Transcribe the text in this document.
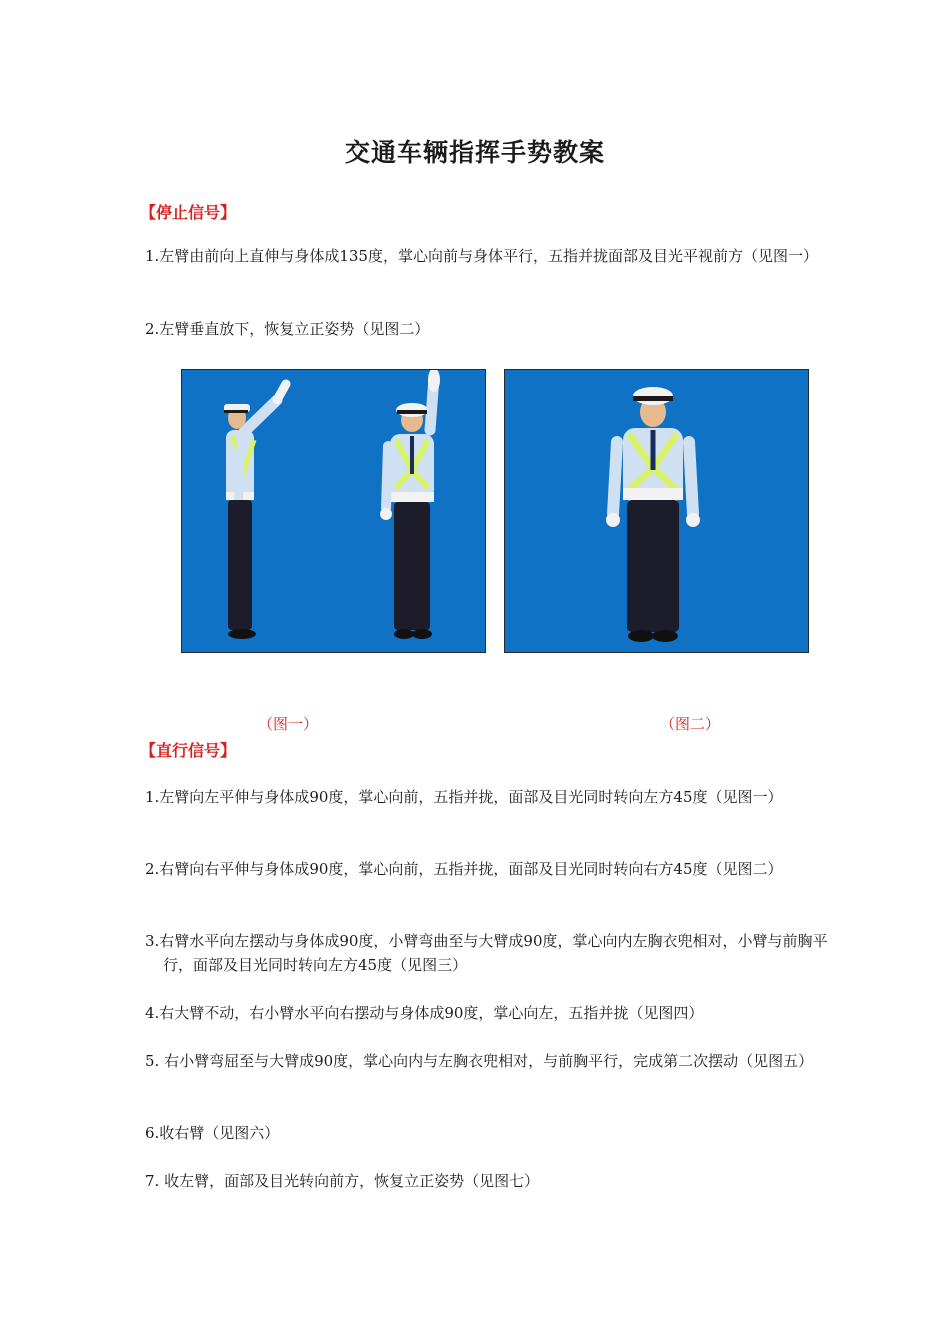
交通车辆指挥手势教案
【停止信号】
1.左臂由前向上直伸与身体成135度，掌心向前与身体平行，五指并拢面部及目光平视前方（见图一）
2.左臂垂直放下，恢复立正姿势（见图二）
（图一）	（图二）
【直行信号】
1.左臂向左平伸与身体成90度，掌心向前，五指并拢，面部及目光同时转向左方45度（见图一）
2.右臂向右平伸与身体成90度，掌心向前，五指并拢，面部及目光同时转向右方45度（见图二）
3.右臂水平向左摆动与身体成90度，小臂弯曲至与大臂成90度，掌心向内左胸衣兜相对，小臂与前胸平行，面部及目光同时转向左方45度（见图三）
4.右大臂不动，右小臂水平向右摆动与身体成90度，掌心向左，五指并拢（见图四）
5. 右小臂弯屈至与大臂成90度，掌心向内与左胸衣兜相对，与前胸平行，完成第二次摆动（见图五）
6.收右臂（见图六）
7. 收左臂，面部及目光转向前方，恢复立正姿势（见图七）
